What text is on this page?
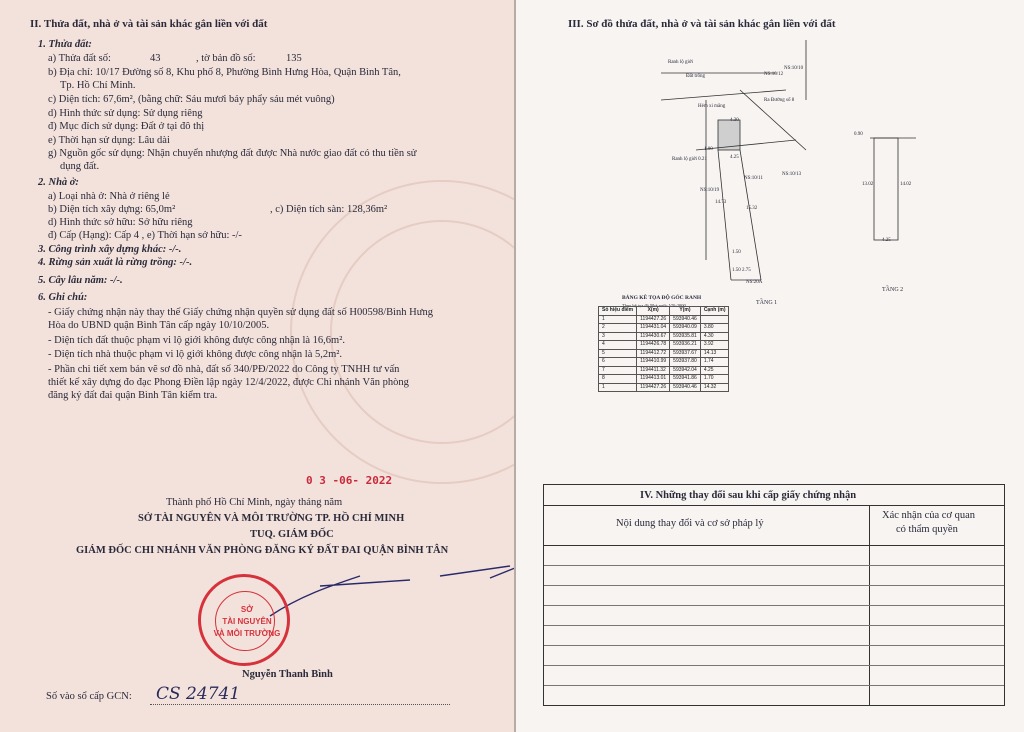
II. Thửa đất, nhà ở và tài sản khác gắn liền với đất
1. Thửa đất:
a) Thửa đất số:	43	, tờ bản đồ số:	135
b) Địa chỉ: 10/17 Đường số 8, Khu phố 8, Phường Bình Hưng Hòa, Quận Bình Tân,
Tp. Hồ Chí Minh.
c) Diện tích: 67,6m², (bằng chữ: Sáu mươi bảy phẩy sáu mét vuông)
d) Hình thức sử dụng: Sử dụng riêng
đ) Mục đích sử dụng: Đất ở tại đô thị
e) Thời hạn sử dụng: Lâu dài
g) Nguồn gốc sử dụng: Nhận chuyển nhượng đất được Nhà nước giao đất có thu tiền sử
dụng đất.
2. Nhà ở:
a) Loại nhà ở: Nhà ở riêng lẻ
b) Diện tích xây dựng: 65,0m²	, c) Diện tích sàn: 128,36m²
d) Hình thức sở hữu: Sở hữu riêng
đ) Cấp (Hạng): Cấp 4 , e) Thời hạn sở hữu: -/-
3. Công trình xây dựng khác: -/-.
4. Rừng sản xuất là rừng trồng: -/-.
5. Cây lâu năm: -/-.
6. Ghi chú:
- Giấy chứng nhận này thay thế Giấy chứng nhận quyền sử dụng đất số H00598/Bình Hưng
Hòa do UBND quận Bình Tân cấp ngày 10/10/2005.
- Diện tích đất thuộc phạm vi lộ giới không được công nhận là 16,6m².
- Diện tích nhà thuộc phạm vi lộ giới không được công nhận là 5,2m².
- Phần chi tiết xem bản vẽ sơ đồ nhà, đất số 340/PĐ/2022 do Công ty TNHH tư vấn
thiết kế xây dựng đo đạc Phong Điền lập ngày 12/4/2022, được Chi nhánh Văn phòng
đăng ký đất đai quận Bình Tân kiểm tra.
0 3 -06- 2022
Thành phố Hồ Chí Minh, ngày tháng năm
SỞ TÀI NGUYÊN VÀ MÔI TRƯỜNG TP. HỒ CHÍ MINH
TUQ. GIÁM ĐỐC
GIÁM ĐỐC CHI NHÁNH VĂN PHÒNG ĐĂNG KÝ ĐẤT ĐAI QUẬN BÌNH TÂN
SỞ
TÀI NGUYÊN
VÀ MÔI TRƯỜNG
Nguyễn Thanh Bình
Số vào sổ cấp GCN: CS 24741
III. Sơ đồ thửa đất, nhà ở và tài sản khác gắn liền với đất
Ranh lộ giới
Đất trống	NS:10/12
NS:10/10
Hẻm xi măng
Ra Đường số 8
4.30
1.00
4.25
Ranh lộ giới 0.21
NS:10/19
NS:10/11
NS:10/13
14.73
15.32
1.50
1.50 2.75
NS:20A
0.90
13.02	14.02
4.25
TẦNG 1
TẦNG 2
BẢNG KÊ TỌA ĐỘ GÓC RANH
Theo hệ tọa độ Nhà nước VN-2000
Số hiệu điểm	X(m)	Y(m)	Cạnh (m)
1	1194427.26	593940.46	
2	1194431.04	593940.09	3.80
3	1194430.67	593935.81	4.30
4	1194426.78	593936.21	3.92
5	1194412.72	593937.67	14.13
6	1194410.99	593937.80	1.74
7	1194411.32	593942.04	4.25
8	1194413.01	593941.86	1.70
1	1194427.26	593940.46	14.32
IV. Những thay đổi sau khi cấp giấy chứng nhận
Nội dung thay đổi và cơ sở pháp lý
Xác nhận của cơ quan
có thẩm quyền
